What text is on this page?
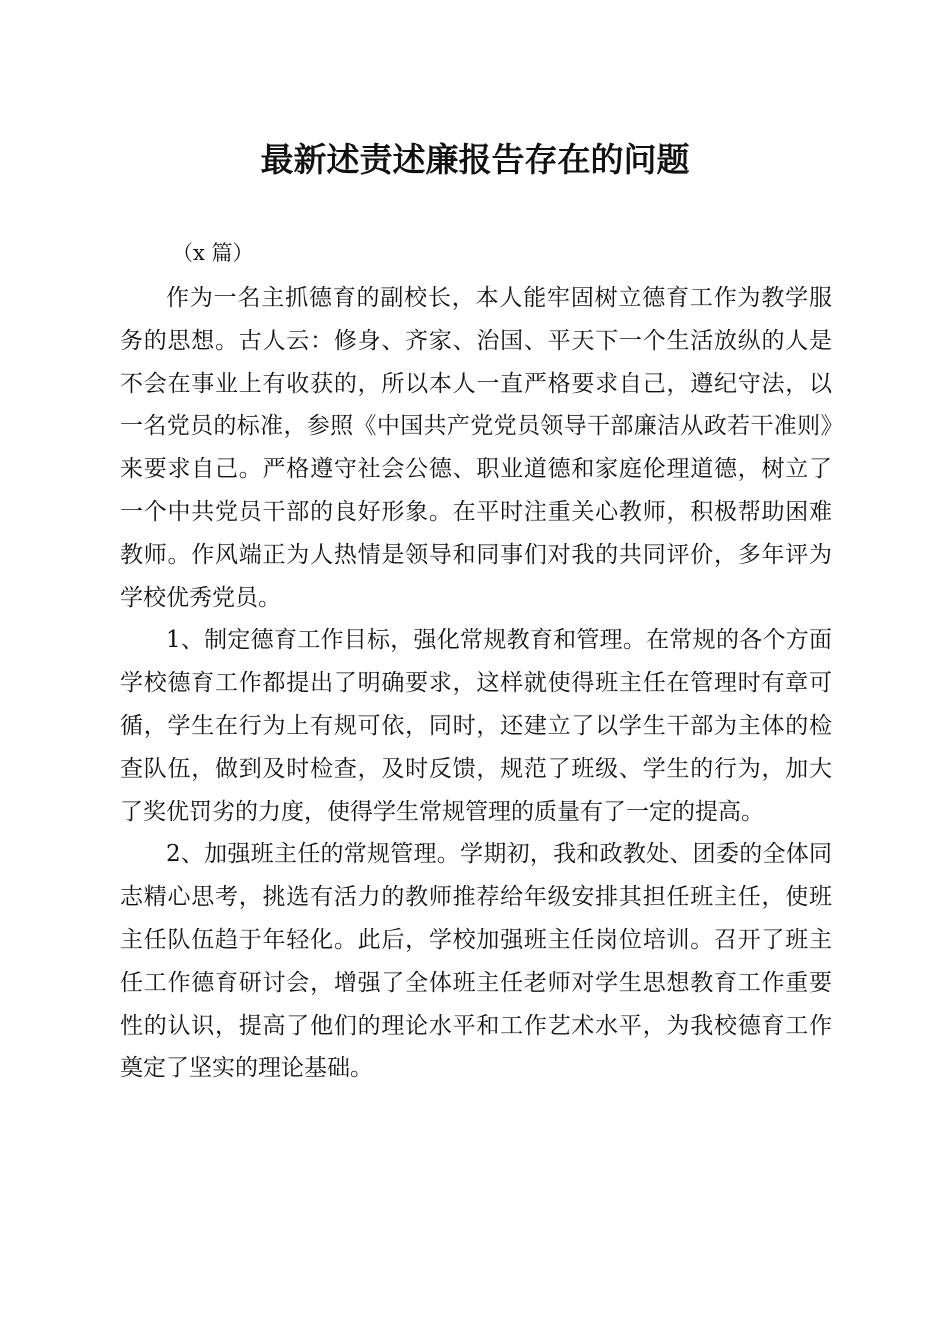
最新述责述廉报告存在的问题
（x 篇）

作为一名主抓德育的副校长，本人能牢固树立德育工作为教学服务的思想。古人云：修身、齐家、治国、平天下一个生活放纵的人是不会在事业上有收获的，所以本人一直严格要求自己，遵纪守法，以一名党员的标准，参照《中国共产党党员领导干部廉洁从政若干准则》来要求自己。严格遵守社会公德、职业道德和家庭伦理道德，树立了一个中共党员干部的良好形象。在平时注重关心教师，积极帮助困难教师。作风端正为人热情是领导和同事们对我的共同评价，多年评为学校优秀党员。

1、制定德育工作目标，强化常规教育和管理。在常规的各个方面学校德育工作都提出了明确要求，这样就使得班主任在管理时有章可循，学生在行为上有规可依，同时，还建立了以学生干部为主体的检查队伍，做到及时检查，及时反馈，规范了班级、学生的行为，加大了奖优罚劣的力度，使得学生常规管理的质量有了一定的提高。

2、加强班主任的常规管理。学期初，我和政教处、团委的全体同志精心思考，挑选有活力的教师推荐给年级安排其担任班主任，使班主任队伍趋于年轻化。此后，学校加强班主任岗位培训。召开了班主任工作德育研讨会，增强了全体班主任老师对学生思想教育工作重要性的认识，提高了他们的理论水平和工作艺术水平，为我校德育工作奠定了坚实的理论基础。
